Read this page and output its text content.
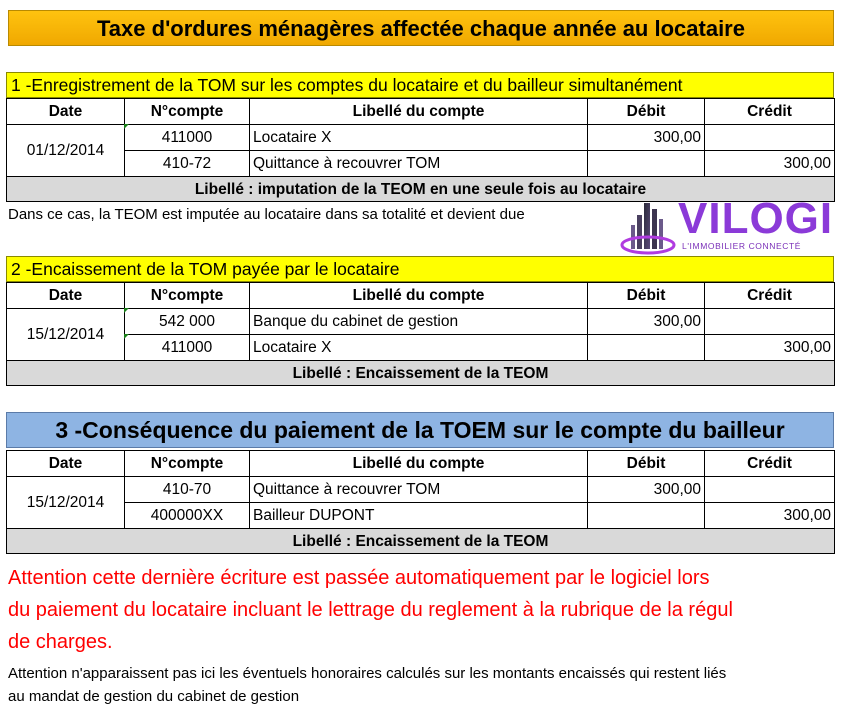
Taxe d'ordures ménagères affectée chaque année au locataire
1 -Enregistrement de la TOM sur les comptes du locataire et du bailleur simultanément
Date	N°compte	Libellé du compte	Débit	Crédit
01/12/2014	411000	Locataire X	300,00	
	410-72	Quittance à recouvrer TOM		300,00
Libellé : imputation de la TEOM en une seule fois au locataire				
Dans ce cas, la TEOM est imputée au locataire dans sa totalité et devient due	VILOGI
L'IMMOBILIER CONNECTÉ
2 -Encaissement de la TOM payée par le locataire
Date	N°compte	Libellé du compte	Débit	Crédit
15/12/2014	542 000	Banque du cabinet de gestion	300,00	
	411000	Locataire X		300,00
Libellé : Encaissement de la TEOM				
3 -Conséquence du paiement de la TOEM sur le compte du bailleur
Date	N°compte	Libellé du compte	Débit	Crédit
15/12/2014	410-70	Quittance à recouvrer TOM	300,00	
	400000XX	Bailleur DUPONT		300,00
Libellé : Encaissement de la TEOM				
Attention cette dernière écriture est passée automatiquement par le logiciel lors
du paiement du locataire incluant le lettrage du reglement à la rubrique de la régul
de charges.
Attention n'apparaissent pas ici les éventuels honoraires calculés sur les montants encaissés qui restent liés
au mandat de gestion du cabinet de gestion
